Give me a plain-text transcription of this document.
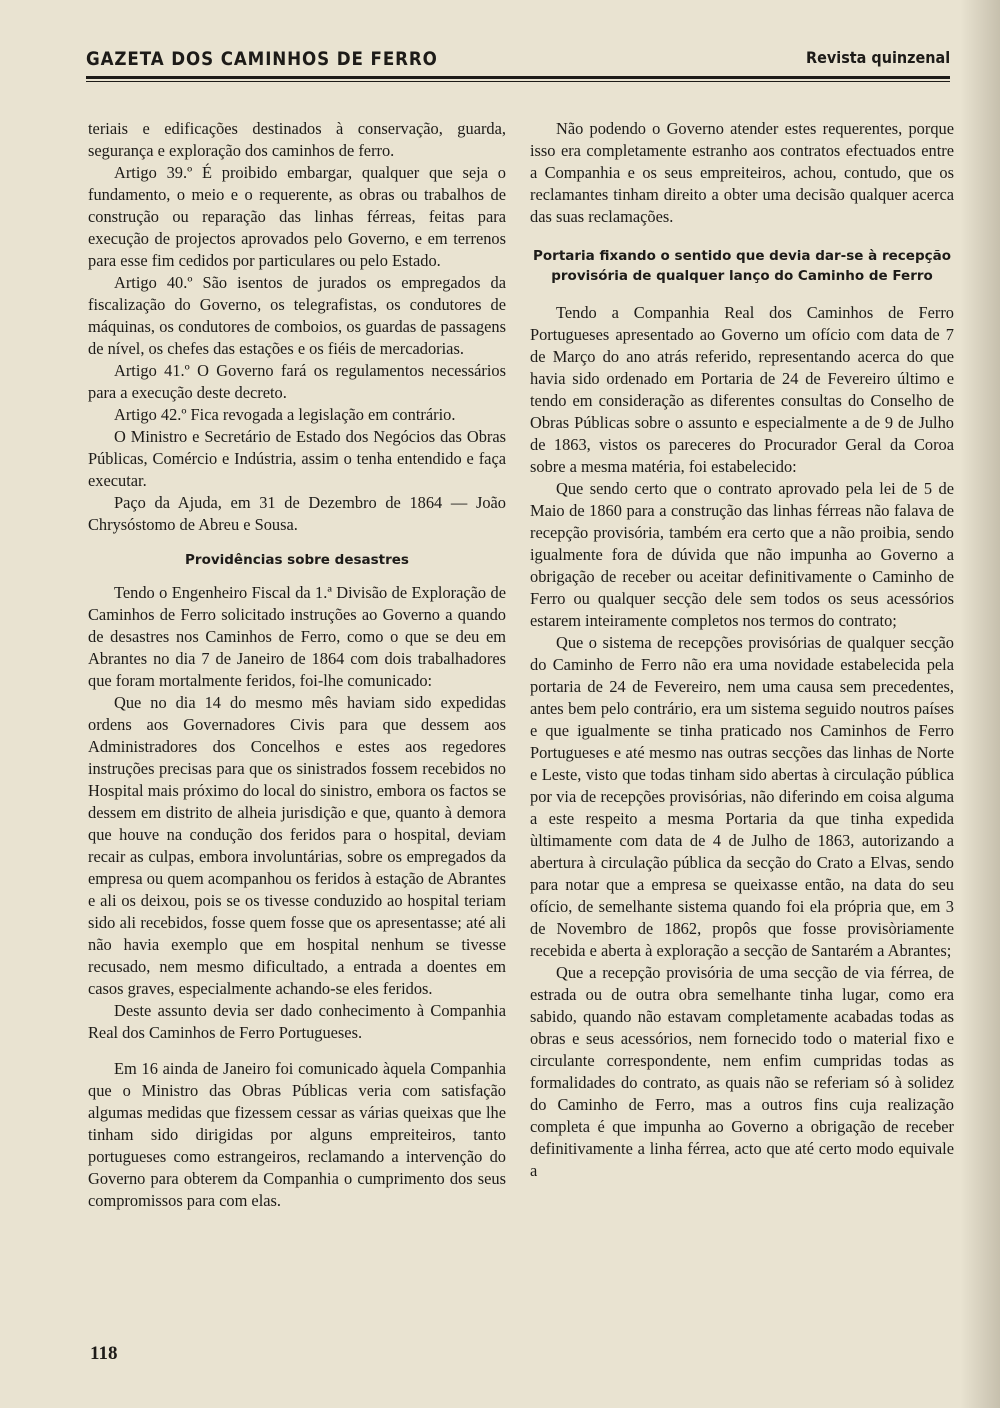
GAZETA DOS CAMINHOS DE FERRO	Revista quinzenal

teriais e edificações destinados à conservação, guarda, segurança e exploração dos caminhos de ferro.

Artigo 39.º É proibido embargar, qualquer que seja o fundamento, o meio e o requerente, as obras ou trabalhos de construção ou reparação das linhas férreas, feitas para execução de projectos aprovados pelo Governo, e em terrenos para esse fim cedidos por particulares ou pelo Estado.

Artigo 40.º São isentos de jurados os empregados da fiscalização do Governo, os telegrafistas, os condutores de máquinas, os condutores de comboios, os guardas de passagens de nível, os chefes das estações e os fiéis de mercadorias.

Artigo 41.º O Governo fará os regulamentos necessários para a execução deste decreto.

Artigo 42.º Fica revogada a legislação em contrário.

O Ministro e Secretário de Estado dos Negócios das Obras Públicas, Comércio e Indústria, assim o tenha entendido e faça executar.

Paço da Ajuda, em 31 de Dezembro de 1864 — João Chrysóstomo de Abreu e Sousa.

Providências sobre desastres

Tendo o Engenheiro Fiscal da 1.ª Divisão de Exploração de Caminhos de Ferro solicitado instruções ao Governo a quando de desastres nos Caminhos de Ferro, como o que se deu em Abrantes no dia 7 de Janeiro de 1864 com dois trabalhadores que foram mortalmente feridos, foi-lhe comunicado:

Que no dia 14 do mesmo mês haviam sido expedidas ordens aos Governadores Civis para que dessem aos Administradores dos Concelhos e estes aos regedores instruções precisas para que os sinistrados fossem recebidos no Hospital mais próximo do local do sinistro, embora os factos se dessem em distrito de alheia jurisdição e que, quanto à demora que houve na condução dos feridos para o hospital, deviam recair as culpas, embora involuntárias, sobre os empregados da empresa ou quem acompanhou os feridos à estação de Abrantes e ali os deixou, pois se os tivesse conduzido ao hospital teriam sido ali recebidos, fosse quem fosse que os apresentasse; até ali não havia exemplo que em hospital nenhum se tivesse recusado, nem mesmo dificultado, a entrada a doentes em casos graves, especialmente achando-se eles feridos.

Deste assunto devia ser dado conhecimento à Companhia Real dos Caminhos de Ferro Portugueses.

Em 16 ainda de Janeiro foi comunicado àquela Companhia que o Ministro das Obras Públicas veria com satisfação algumas medidas que fizessem cessar as várias queixas que lhe tinham sido dirigidas por alguns empreiteiros, tanto portugueses como estrangeiros, reclamando a intervenção do Governo para obterem da Companhia o cumprimento dos seus compromissos para com elas.

Não podendo o Governo atender estes requerentes, porque isso era completamente estranho aos contratos efectuados entre a Companhia e os seus empreiteiros, achou, contudo, que os reclamantes tinham direito a obter uma decisão qualquer acerca das suas reclamações.

Portaria fixando o sentido que devia dar-se à recepção provisória de qualquer lanço do Caminho de Ferro

Tendo a Companhia Real dos Caminhos de Ferro Portugueses apresentado ao Governo um ofício com data de 7 de Março do ano atrás referido, representando acerca do que havia sido ordenado em Portaria de 24 de Fevereiro último e tendo em consideração as diferentes consultas do Conselho de Obras Públicas sobre o assunto e especialmente a de 9 de Julho de 1863, vistos os pareceres do Procurador Geral da Coroa sobre a mesma matéria, foi estabelecido:

Que sendo certo que o contrato aprovado pela lei de 5 de Maio de 1860 para a construção das linhas férreas não falava de recepção provisória, também era certo que a não proibia, sendo igualmente fora de dúvida que não impunha ao Governo a obrigação de receber ou aceitar definitivamente o Caminho de Ferro ou qualquer secção dele sem todos os seus acessórios estarem inteiramente completos nos termos do contrato;

Que o sistema de recepções provisórias de qualquer secção do Caminho de Ferro não era uma novidade estabelecida pela portaria de 24 de Fevereiro, nem uma causa sem precedentes, antes bem pelo contrário, era um sistema seguido noutros países e que igualmente se tinha praticado nos Caminhos de Ferro Portugueses e até mesmo nas outras secções das linhas de Norte e Leste, visto que todas tinham sido abertas à circulação pública por via de recepções provisórias, não diferindo em coisa alguma a este respeito a mesma Portaria da que tinha expedida ùltimamente com data de 4 de Julho de 1863, autorizando a abertura à circulação pública da secção do Crato a Elvas, sendo para notar que a empresa se queixasse então, na data do seu ofício, de semelhante sistema quando foi ela própria que, em 3 de Novembro de 1862, propôs que fosse provisòriamente recebida e aberta à exploração a secção de Santarém a Abrantes;

Que a recepção provisória de uma secção de via férrea, de estrada ou de outra obra semelhante tinha lugar, como era sabido, quando não estavam completamente acabadas todas as obras e seus acessórios, nem fornecido todo o material fixo e circulante correspondente, nem enfim cumpridas todas as formalidades do contrato, as quais não se referiam só à solidez do Caminho de Ferro, mas a outros fins cuja realização completa é que impunha ao Governo a obrigação de receber definitivamente a linha férrea, acto que até certo modo equivale a

118
